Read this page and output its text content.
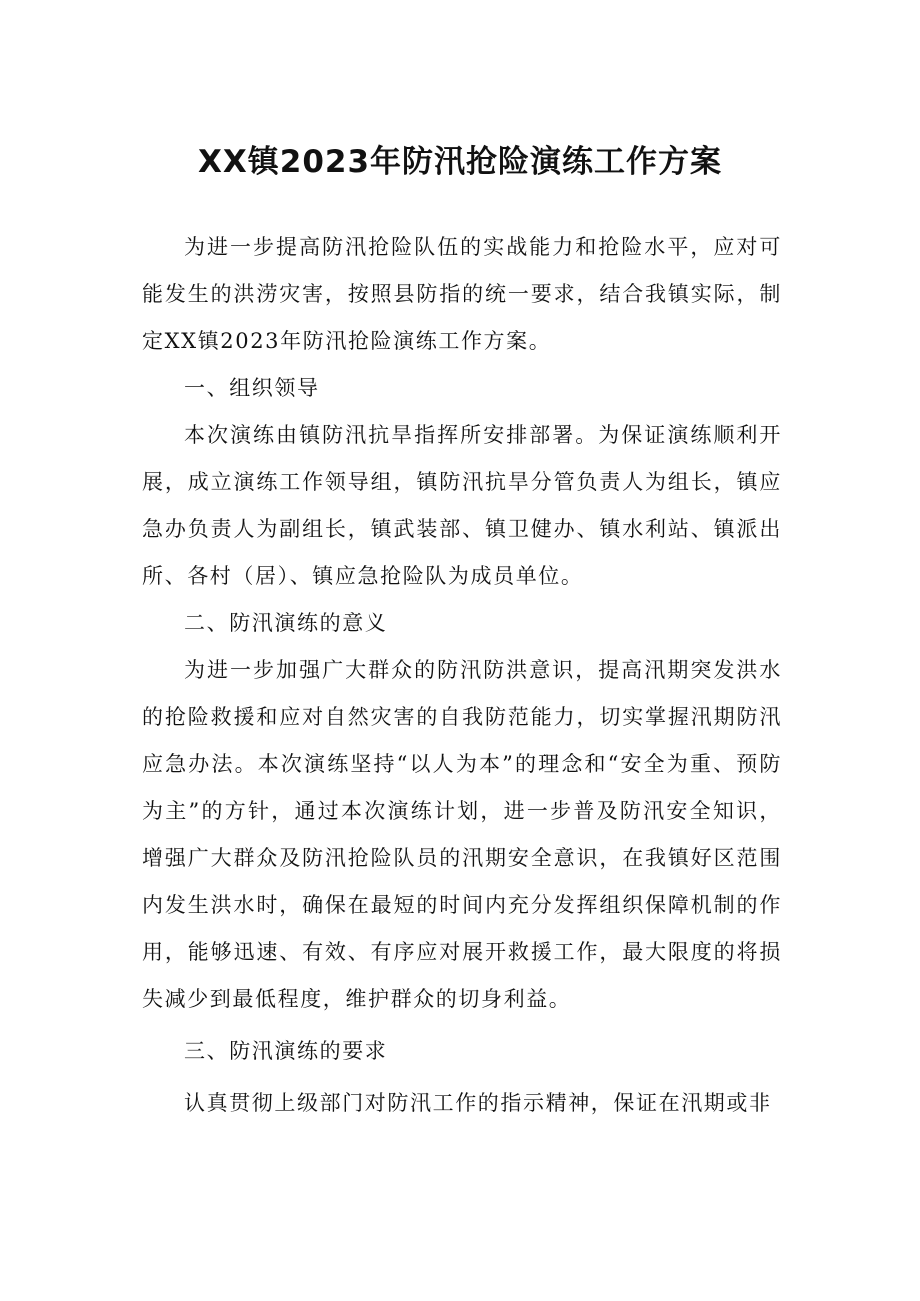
XX镇2023年防汛抢险演练工作方案

为进一步提高防汛抢险队伍的实战能力和抢险水平，应对可能发生的洪涝灾害，按照县防指的统一要求，结合我镇实际，制定XX镇2023年防汛抢险演练工作方案。

一、组织领导

本次演练由镇防汛抗旱指挥所安排部署。为保证演练顺利开展，成立演练工作领导组，镇防汛抗旱分管负责人为组长，镇应急办负责人为副组长，镇武装部、镇卫健办、镇水利站、镇派出所、各村（居）、镇应急抢险队为成员单位。

二、防汛演练的意义

为进一步加强广大群众的防汛防洪意识，提高汛期突发洪水的抢险救援和应对自然灾害的自我防范能力，切实掌握汛期防汛应急办法。本次演练坚持“以人为本”的理念和“安全为重、预防为主”的方针，通过本次演练计划，进一步普及防汛安全知识，增强广大群众及防汛抢险队员的汛期安全意识，在我镇好区范围内发生洪水时，确保在最短的时间内充分发挥组织保障机制的作用，能够迅速、有效、有序应对展开救援工作，最大限度的将损失减少到最低程度，维护群众的切身利益。

三、防汛演练的要求

认真贯彻上级部门对防汛工作的指示精神，保证在汛期或非
